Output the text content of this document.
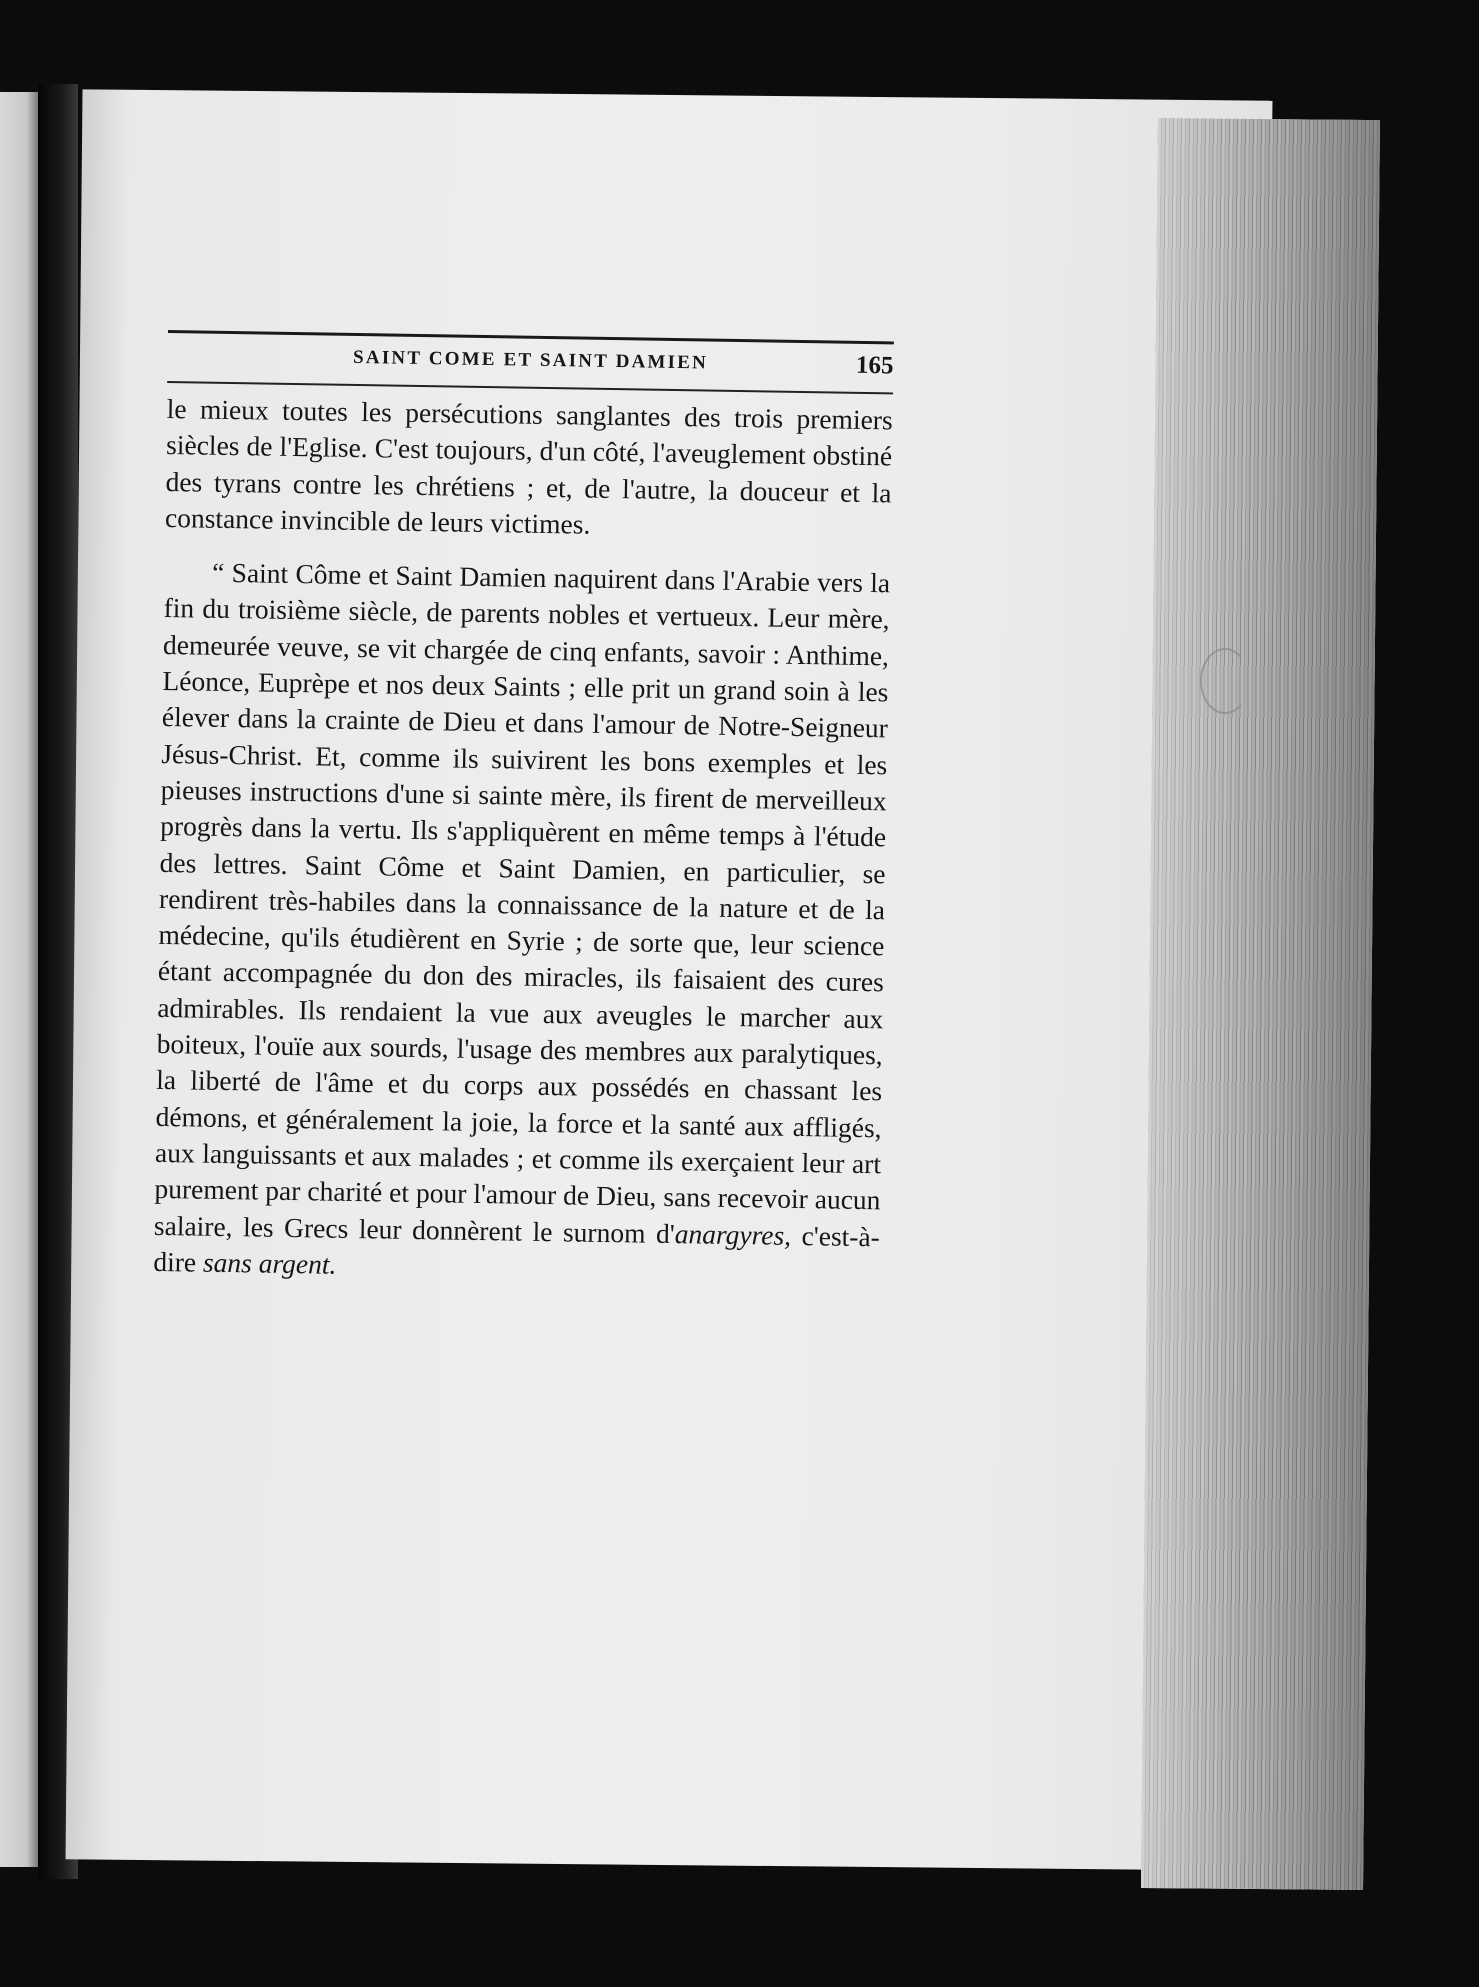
SAINT COME ET SAINT DAMIEN	165

le mieux toutes les persécutions sanglantes des trois premiers siècles de l'Eglise. C'est toujours, d'un côté, l'aveuglement obstiné des tyrans contre les chrétiens ; et, de l'autre, la douceur et la constance invincible de leurs victimes.

“ Saint Côme et Saint Damien naquirent dans l'Arabie vers la fin du troisième siècle, de parents nobles et vertueux. Leur mère, demeurée veuve, se vit chargée de cinq enfants, savoir : Anthime, Léonce, Euprèpe et nos deux Saints ; elle prit un grand soin à les élever dans la crainte de Dieu et dans l'amour de Notre-Seigneur Jésus-Christ. Et, comme ils suivirent les bons exemples et les pieuses instructions d'une si sainte mère, ils firent de merveilleux progrès dans la vertu. Ils s'appliquèrent en même temps à l'étude des lettres. Saint Côme et Saint Damien, en particulier, se rendirent très-habiles dans la connaissance de la nature et de la médecine, qu'ils étudièrent en Syrie ; de sorte que, leur science étant accompagnée du don des miracles, ils faisaient des cures admirables. Ils rendaient la vue aux aveugles le marcher aux boiteux, l'ouïe aux sourds, l'usage des membres aux paralytiques, la liberté de l'âme et du corps aux possédés en chassant les démons, et généralement la joie, la force et la santé aux affligés, aux languissants et aux malades ; et comme ils exerçaient leur art purement par charité et pour l'amour de Dieu, sans recevoir aucun salaire, les Grecs leur donnèrent le surnom d'anargyres, c'est-à-dire sans argent.
